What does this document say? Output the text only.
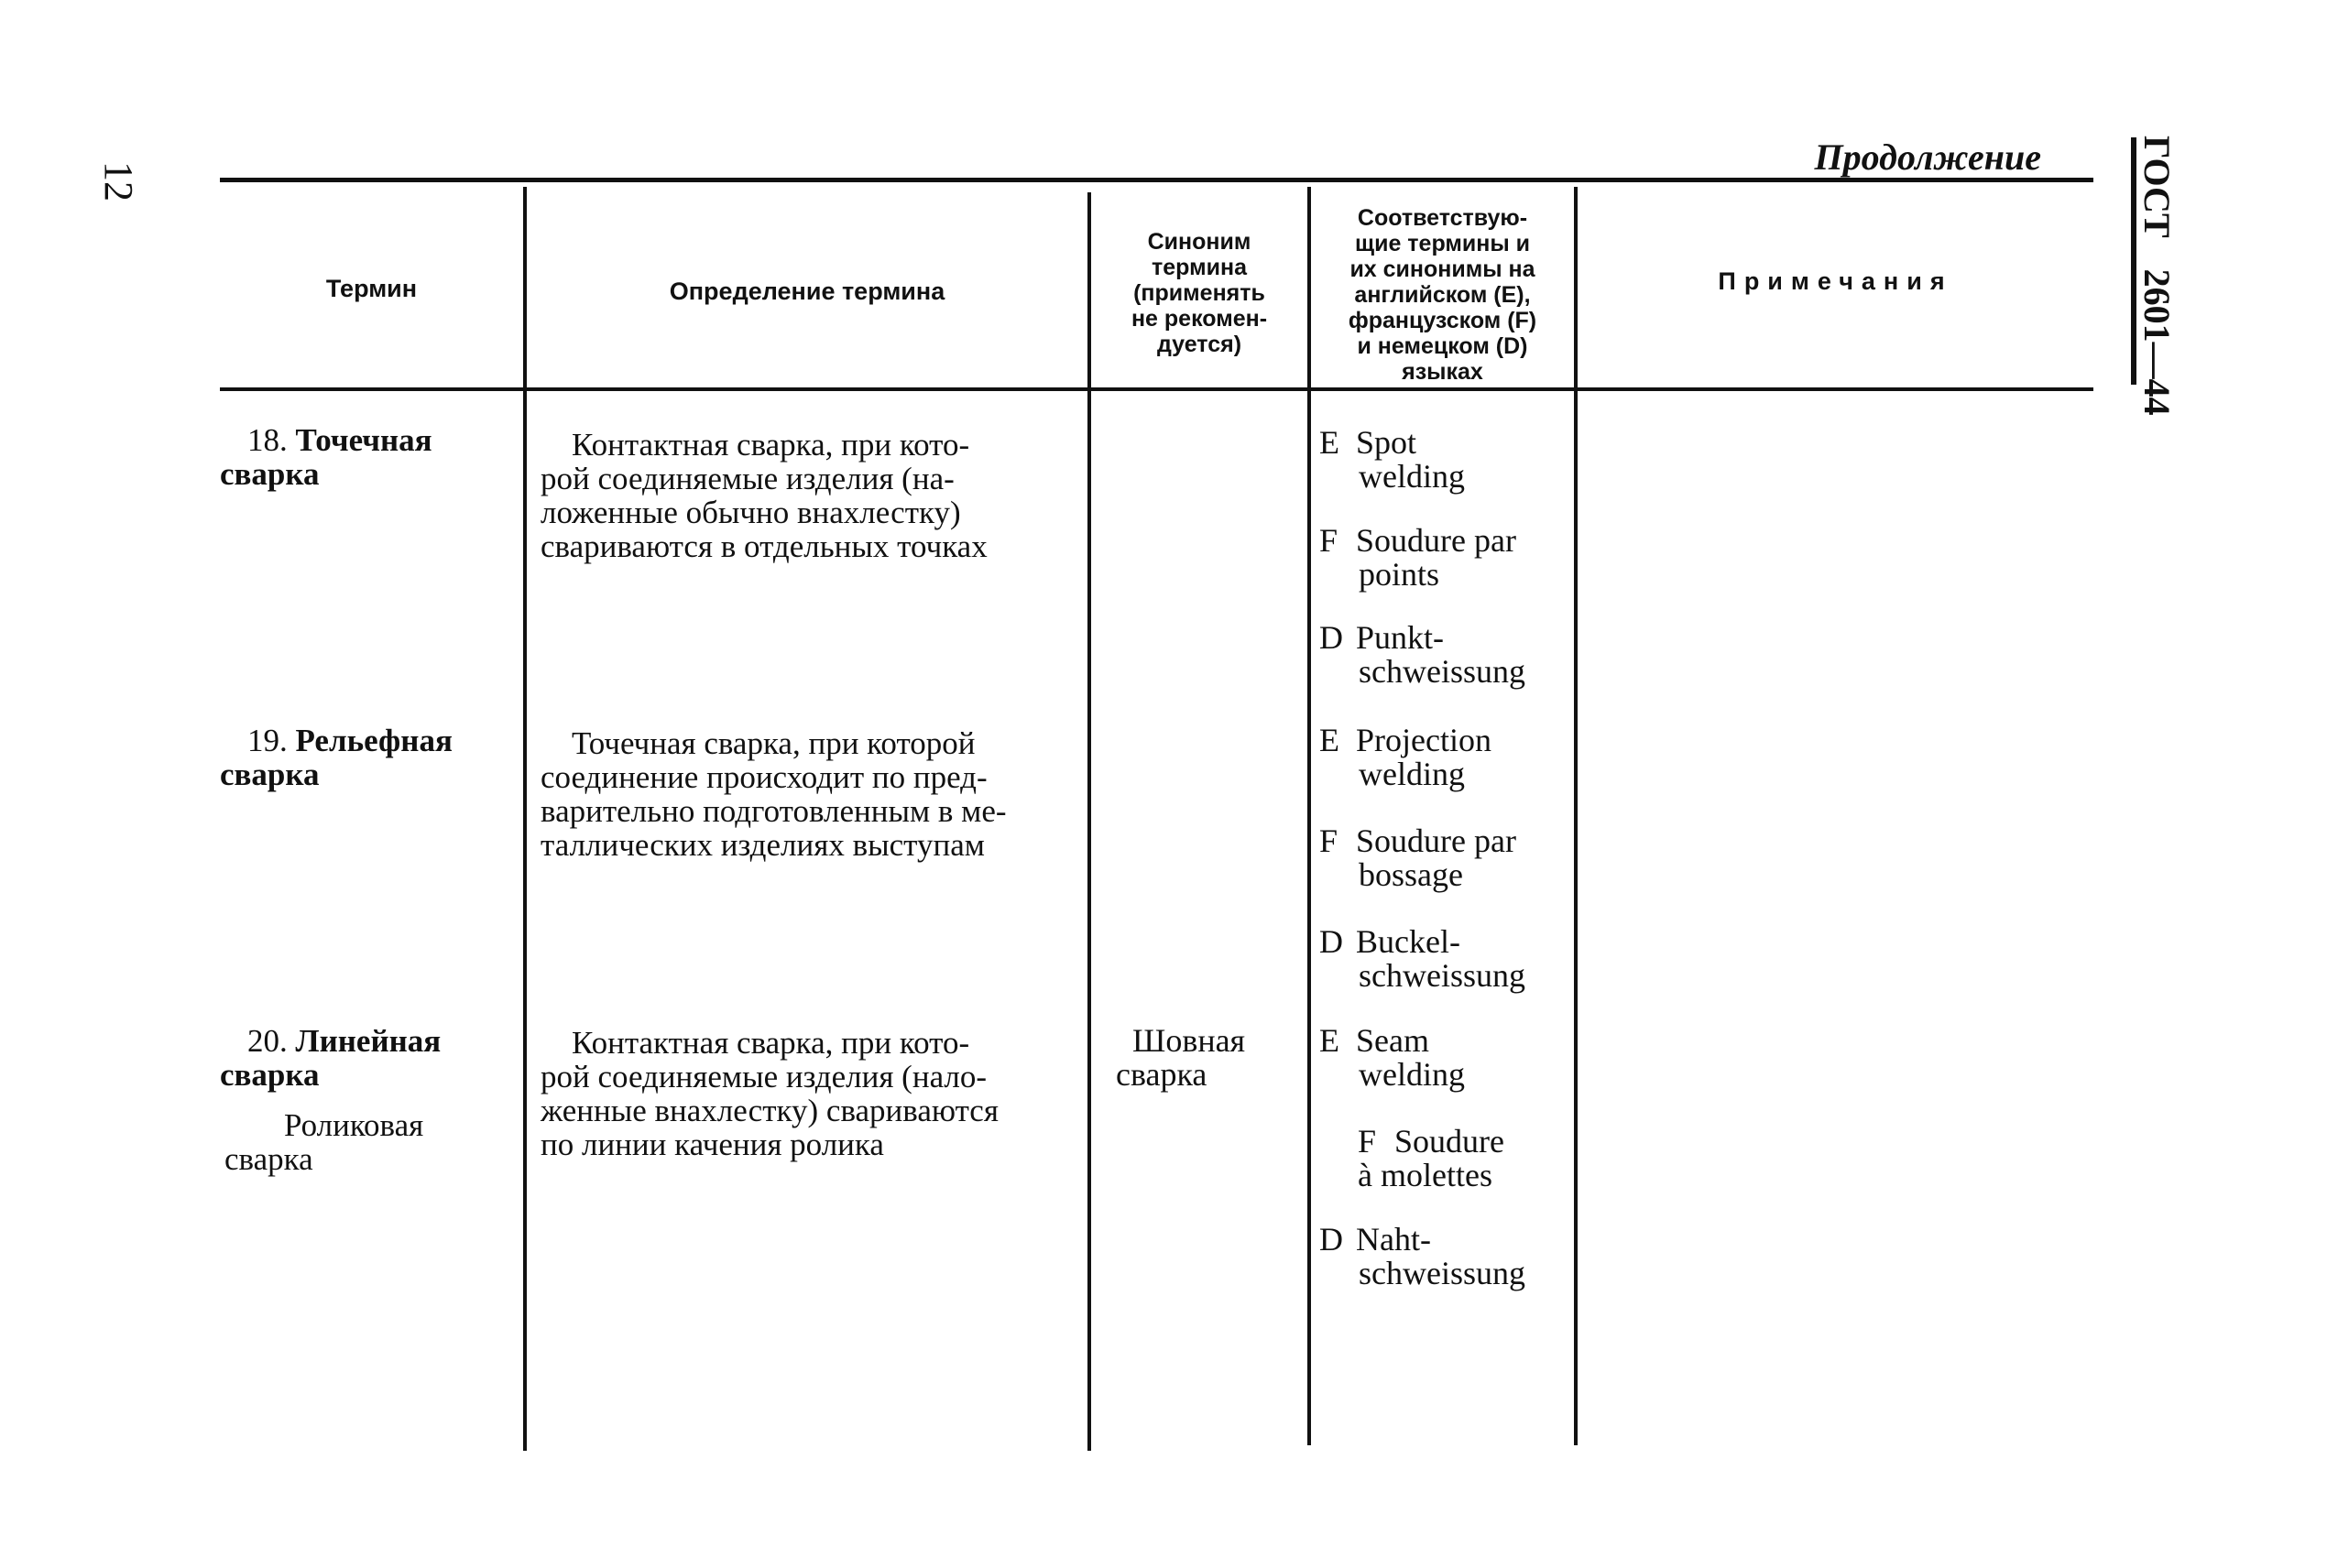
12
Продолжение	ГОСТ 2601—44
Термин	Определение термина
Синоним
термина
(применять
не рекомен-
дуется)
Соответствую-
щие термины и
их синонимы на
английском (E),
французском (F)
и немецком (D)
языках
Примечания
18. Точечная
сварка
Контактная сварка, при кото-
рой соединяемые изделия (на-
ложенные обычно внахлестку)
свариваются в отдельных точках
E Spot
welding
F Soudure par
points
D Punkt-
schweissung
19. Рельефная
сварка
Точечная сварка, при которой
соединение происходит по пред-
варительно подготовленным в ме-
таллических изделиях выступам
E Projection
welding
F Soudure par
bossage
D Buckel-
schweissung
20. Линейная
сварка
Роликовая
сварка
Контактная сварка, при кото-
рой соединяемые изделия (нало-
женные внахлестку) свариваются
по линии качения ролика
Шовная
сварка
E Seam
welding
F Soudure
à molettes
D Naht-
schweissung
